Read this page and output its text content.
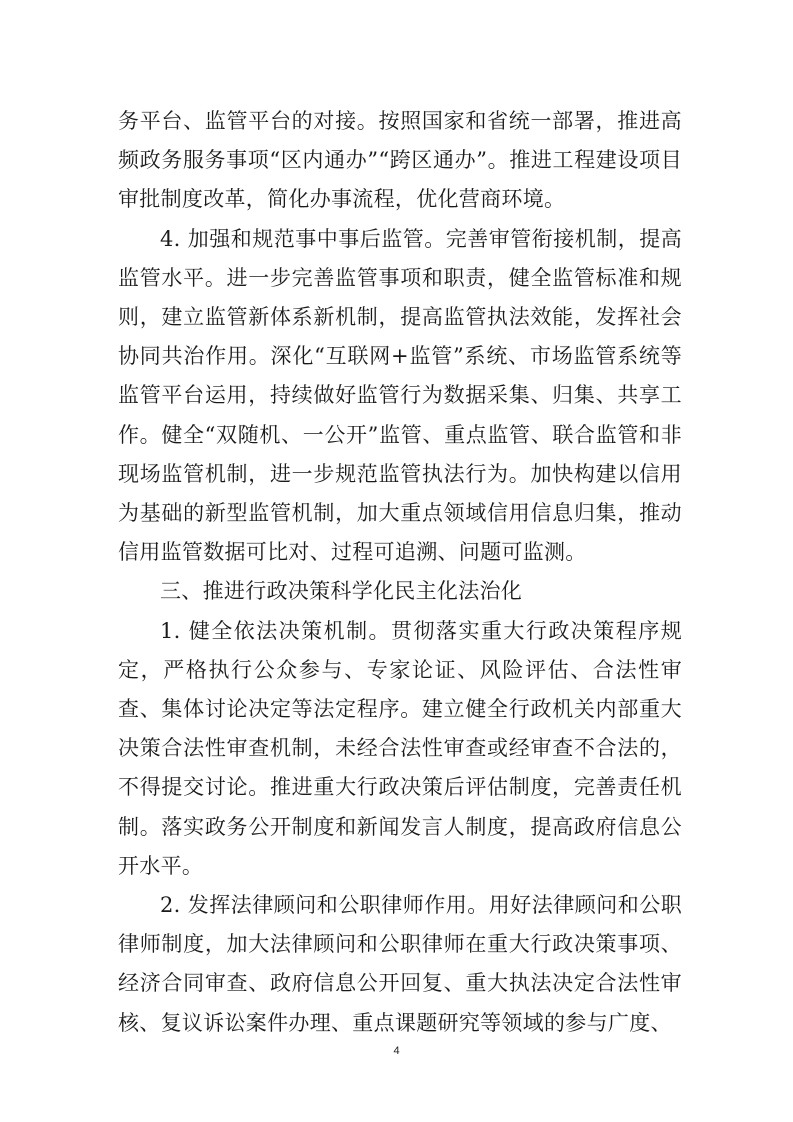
务平台、监管平台的对接。按照国家和省统一部署，推进高频政务服务事项“区内通办”“跨区通办”。推进工程建设项目审批制度改革，简化办事流程，优化营商环境。

4. 加强和规范事中事后监管。完善审管衔接机制，提高监管水平。进一步完善监管事项和职责，健全监管标准和规则，建立监管新体系新机制，提高监管执法效能，发挥社会协同共治作用。深化“互联网+监管”系统、市场监管系统等监管平台运用，持续做好监管行为数据采集、归集、共享工作。健全“双随机、一公开”监管、重点监管、联合监管和非现场监管机制，进一步规范监管执法行为。加快构建以信用为基础的新型监管机制，加大重点领域信用信息归集，推动信用监管数据可比对、过程可追溯、问题可监测。

三、推进行政决策科学化民主化法治化

1. 健全依法决策机制。贯彻落实重大行政决策程序规定，严格执行公众参与、专家论证、风险评估、合法性审查、集体讨论决定等法定程序。建立健全行政机关内部重大决策合法性审查机制，未经合法性审查或经审查不合法的，不得提交讨论。推进重大行政决策后评估制度，完善责任机制。落实政务公开制度和新闻发言人制度，提高政府信息公开水平。

2. 发挥法律顾问和公职律师作用。用好法律顾问和公职律师制度，加大法律顾问和公职律师在重大行政决策事项、经济合同审查、政府信息公开回复、重大执法决定合法性审核、复议诉讼案件办理、重点课题研究等领域的参与广度、

4
